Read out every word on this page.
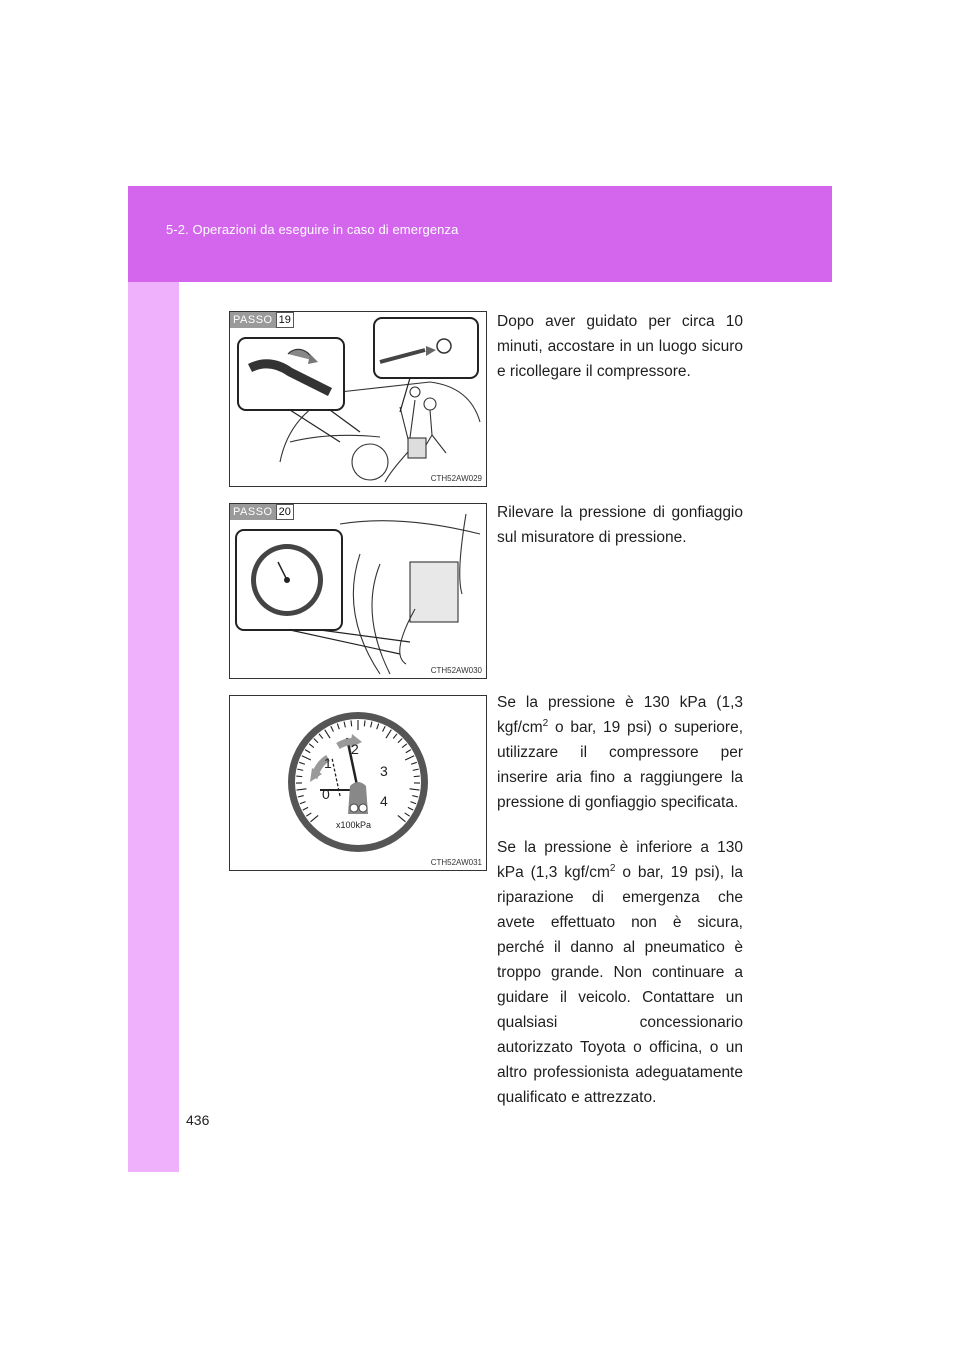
5-2. Operazioni da eseguire in caso di emergenza
436
PASSO 19
CTH52AW029

Dopo aver guidato per circa 10 minuti, accostare in un luogo sicuro e ricollegare il compressore.

PASSO 20
CTH52AW030

Rilevare la pressione di gonfiaggio sul misuratore di pressione.

0
1
2
3
4
x100kPa
CTH52AW031

Se la pressione è 130 kPa (1,3 kgf/$cm^2$ o bar, 19 psi) o superiore, utilizzare il compressore per inserire aria fino a raggiungere la pressione di gonfiaggio specificata.

Se la pressione è inferiore a 130 kPa (1,3 kgf/$cm^2$ o bar, 19 psi), la riparazione di emergenza che avete effettuato non è sicura, perché il danno al pneumatico è troppo grande. Non continuare a guidare il veicolo. Contattare un qualsiasi concessionario autorizzato Toyota o officina, o un altro professionista adeguatamente qualificato e attrezzato.
